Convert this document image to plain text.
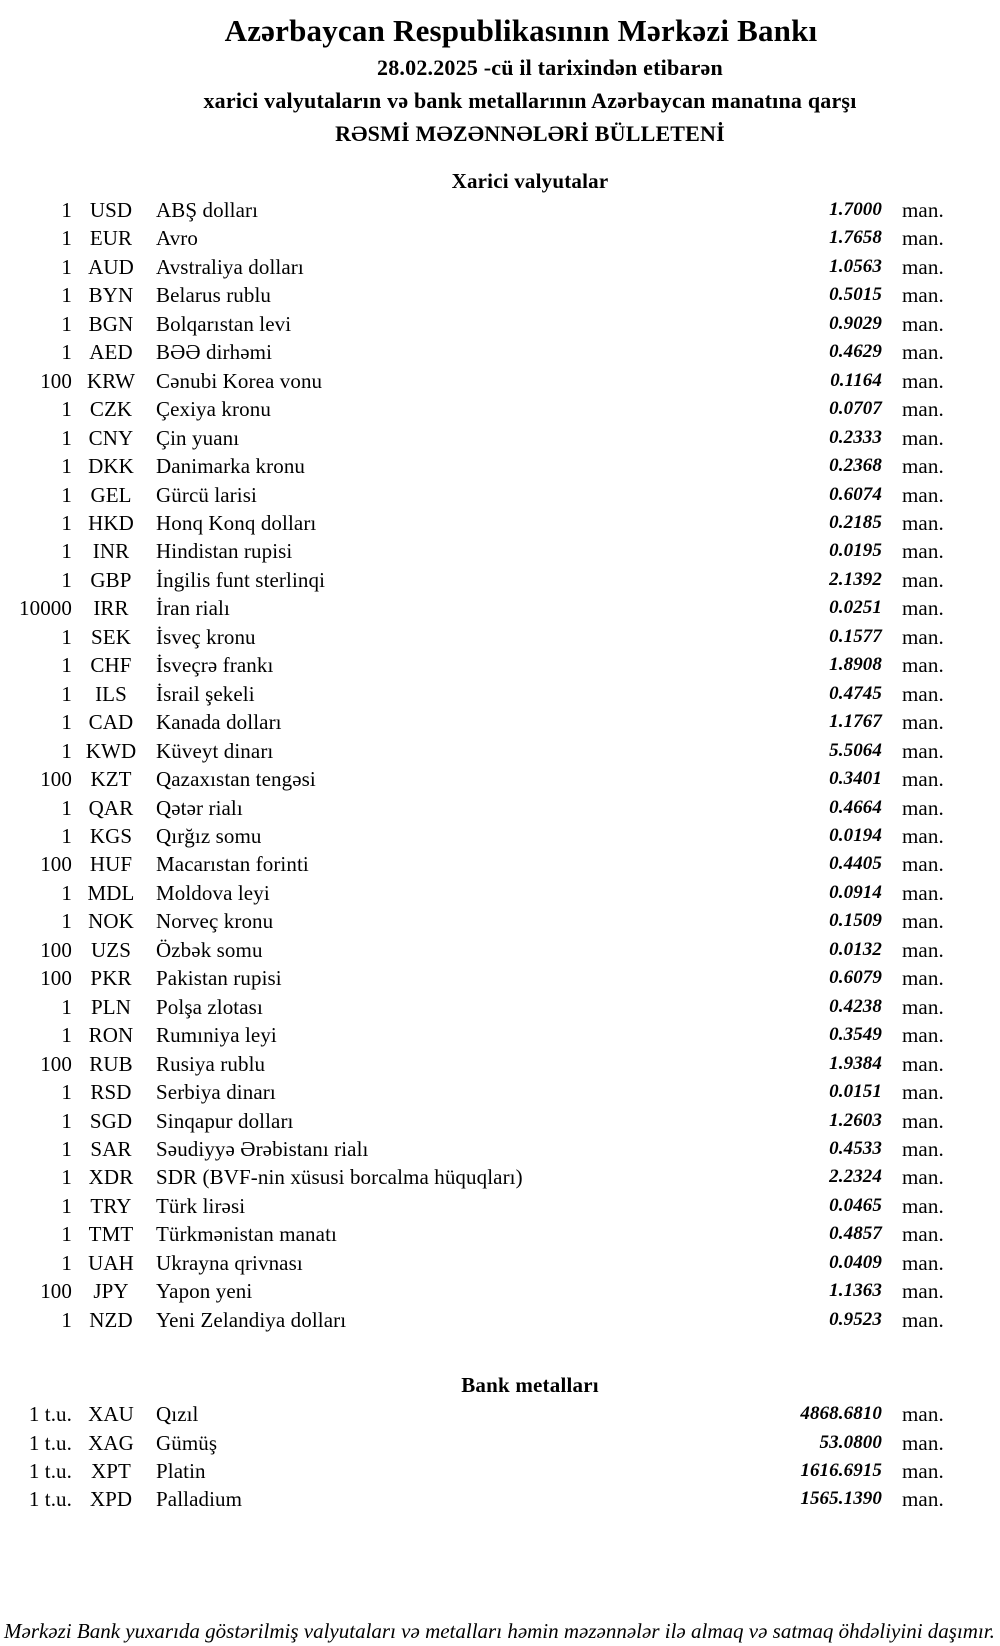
Azərbaycan Respublikasının Mərkəzi Bankı
28.02.2025 -cü il tarixindən etibarən
xarici valyutaların və bank metallarının Azərbaycan manatına qarşı
RƏSMİ MƏZƏNNƏLƏRİ BÜLLETENİ
Xarici valyutalar
1 USD	ABŞ dolları	1.7000 man.
1 EUR	Avro	1.7658 man.
1 AUD	Avstraliya dolları	1.0563 man.
1 BYN	Belarus rublu	0.5015 man.
1 BGN	Bolqarıstan levi	0.9029 man.
1 AED	BƏƏ dirhəmi	0.4629 man.
100 KRW Cənubi Korea vonu	0.1164 man.
1 CZK	Çexiya kronu	0.0707 man.
1 CNY	Çin yuanı	0.2333 man.
1 DKK	Danimarka kronu	0.2368 man.
1 GEL	Gürcü larisi	0.6074 man.
1 HKD	Honq Konq dolları	0.2185 man.
1 INR	Hindistan rupisi	0.0195 man.
1 GBP	İngilis funt sterlinqi	2.1392 man.
10000	IRR	İran rialı	0.0251 man.
1 SEK	İsveç kronu	0.1577 man.
1 CHF	İsveçrə frankı	1.8908 man.
1	ILS	İsrail şekeli	0.4745 man.
1 CAD	Kanada dolları	1.1767 man.
1 KWD Küveyt dinarı	5.5064 man.
100 KZT	Qazaxıstan tengəsi	0.3401 man.
1 QAR	Qətər rialı	0.4664 man.
1 KGS	Qırğız somu	0.0194 man.
100 HUF	Macarıstan forinti	0.4405 man.
1 MDL	Moldova leyi	0.0914 man.
1 NOK	Norveç kronu	0.1509 man.
100 UZS	Özbək somu	0.0132 man.
100 PKR	Pakistan rupisi	0.6079 man.
1 PLN	Polşa zlotası	0.4238 man.
1 RON	Rumıniya leyi	0.3549 man.
100 RUB	Rusiya rublu	1.9384 man.
1 RSD	Serbiya dinarı	0.0151 man.
1 SGD	Sinqapur dolları	1.2603 man.
1 SAR	Səudiyyə Ərəbistanı rialı	0.4533 man.
1 XDR	SDR (BVF-nin xüsusi borcalma hüquqları)	2.2324 man.
1 TRY	Türk lirəsi	0.0465 man.
1 TMT	Türkmənistan manatı	0.4857 man.
1 UAH	Ukrayna qrivnası	0.0409 man.
100	JPY	Yapon yeni	1.1363 man.
1 NZD	Yeni Zelandiya dolları	0.9523 man.
Bank metalları
1 t.u. XAU	Qızıl	4868.6810 man.
1 t.u. XAG	Gümüş	53.0800 man.
1 t.u. XPT	Platin	1616.6915 man.
1 t.u. XPD	Palladium	1565.1390 man.
Mərkəzi Bank yuxarıda göstərilmiş valyutaları və metalları həmin məzənnələr ilə almaq və satmaq öhdəliyini daşımır.
